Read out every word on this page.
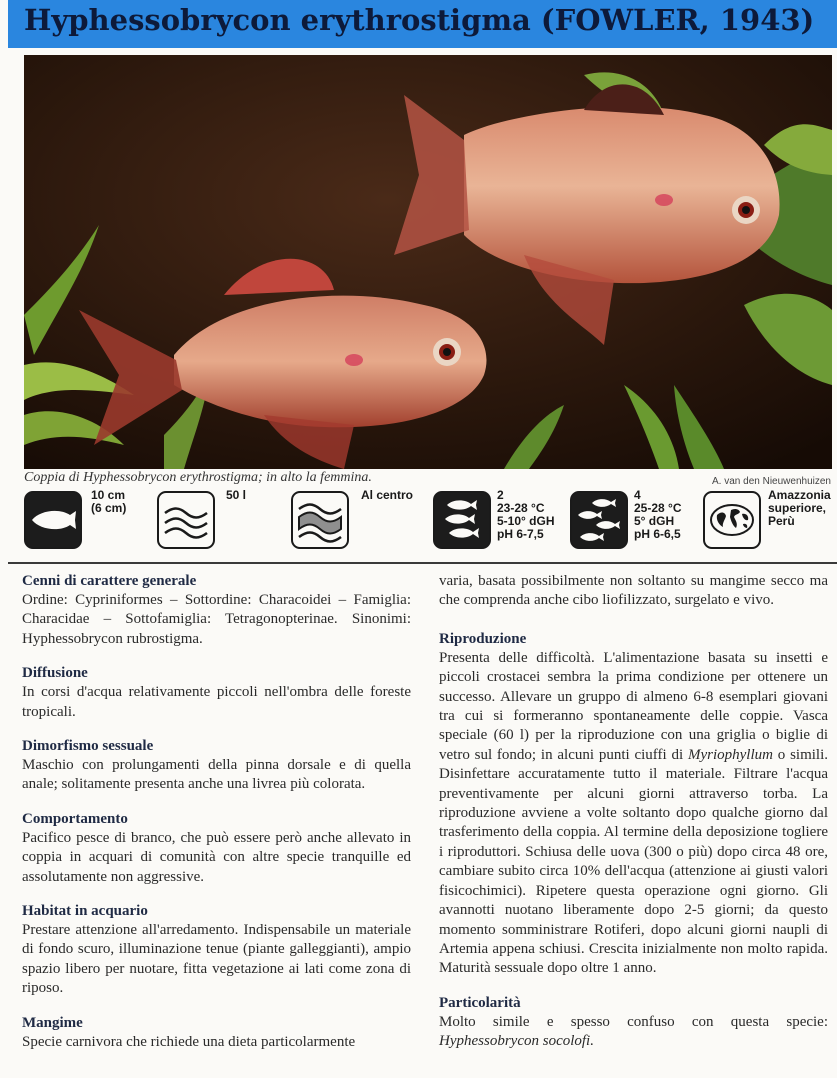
Hyphessobrycon erythrostigma (FOWLER, 1943)
Coppia di Hyphessobrycon erythrostigma; in alto la femmina.	A. van den Nieuwenhuizen
10 cm
(6 cm)
50 l	Al centro	2
23-28 °C
5-10° dGH
pH 6-7,5
4
25-28 °C
5° dGH
pH 6-6,5
Amazzonia
superiore,
Perù
Cenni di carattere generale

Ordine: Cypriniformes – Sottordine: Characoidei – Famiglia: Characidae – Sottofamiglia: Tetragonopterinae. Sinonimi: Hyphessobrycon rubrostigma.

Diffusione

In corsi d'acqua relativamente piccoli nell'ombra delle foreste tropicali.

Dimorfismo sessuale

Maschio con prolungamenti della pinna dorsale e di quella anale; solitamente presenta anche una livrea più colorata.

Comportamento

Pacifico pesce di branco, che può essere però anche allevato in coppia in acquari di comunità con altre specie tranquille ed assolutamente non aggressive.

Habitat in acquario

Prestare attenzione all'arredamento. Indispensabile un materiale di fondo scuro, illuminazione tenue (piante galleggianti), ampio spazio libero per nuotare, fitta vegetazione ai lati come zona di riposo.

Mangime

Specie carnivora che richiede una dieta particolarmente

varia, basata possibilmente non soltanto su mangime secco ma che comprenda anche cibo liofilizzato, surgelato e vivo.

Riproduzione

Presenta delle difficoltà. L'alimentazione basata su insetti e piccoli crostacei sembra la prima condizione per ottenere un successo. Allevare un gruppo di almeno 6-8 esemplari giovani tra cui si formeranno spontaneamente delle coppie. Vasca speciale (60 l) per la riproduzione con una griglia o biglie di vetro sul fondo; in alcuni punti ciuffi di Myriophyllum o simili. Disinfettare accuratamente tutto il materiale. Filtrare l'acqua preventivamente per alcuni giorni attraverso torba. La riproduzione avviene a volte soltanto dopo qualche giorno dal trasferimento della coppia. Al termine della deposizione togliere i riproduttori. Schiusa delle uova (300 o più) dopo circa 48 ore, cambiare subito circa 10% dell'acqua (attenzione ai giusti valori fisicochimici). Ripetere questa operazione ogni giorno. Gli avannotti nuotano liberamente dopo 2-5 giorni; da questo momento somministrare Rotiferi, dopo alcuni giorni naupli di Artemia appena schiusi. Crescita inizialmente non molto rapida. Maturità sessuale dopo oltre 1 anno.

Particolarità

Molto simile e spesso confuso con questa specie: Hyphessobrycon socolofi.
